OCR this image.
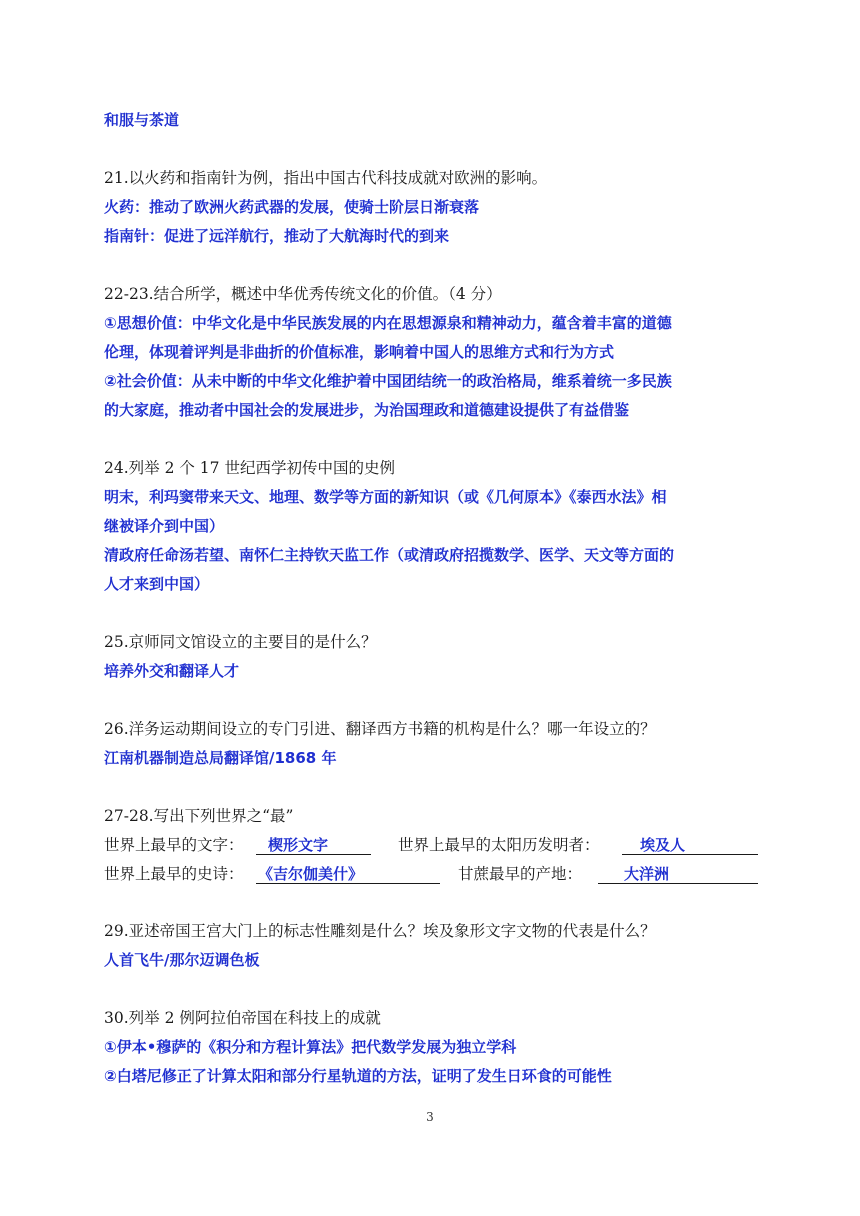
和服与茶道
21.以火药和指南针为例，指出中国古代科技成就对欧洲的影响。
火药：推动了欧洲火药武器的发展，使骑士阶层日渐衰落
指南针：促进了远洋航行，推动了大航海时代的到来
22-23.结合所学，概述中华优秀传统文化的价值。（4 分）
①思想价值：中华文化是中华民族发展的内在思想源泉和精神动力，蕴含着丰富的道德
伦理，体现着评判是非曲折的价值标准，影响着中国人的思维方式和行为方式
②社会价值：从未中断的中华文化维护着中国团结统一的政治格局，维系着统一多民族
的大家庭，推动者中国社会的发展进步，为治国理政和道德建设提供了有益借鉴
24.列举 2 个 17 世纪西学初传中国的史例
明末，利玛窦带来天文、地理、数学等方面的新知识（或《几何原本》《泰西水法》相
继被译介到中国）
清政府任命汤若望、南怀仁主持钦天监工作（或清政府招揽数学、医学、天文等方面的
人才来到中国）
25.京师同文馆设立的主要目的是什么？
培养外交和翻译人才
26.洋务运动期间设立的专门引进、翻译西方书籍的机构是什么？哪一年设立的？
江南机器制造总局翻译馆/1868 年
27-28.写出下列世界之“最”
世界上最早的文字： 楔形文字	世界上最早的太阳历发明者：	埃及人
世界上最早的史诗： 《吉尔伽美什》	甘蔗最早的产地：	大洋洲
29.亚述帝国王宫大门上的标志性雕刻是什么？埃及象形文字文物的代表是什么？
人首飞牛/那尔迈调色板
30.列举 2 例阿拉伯帝国在科技上的成就
①伊本•穆萨的《积分和方程计算法》把代数学发展为独立学科
②白塔尼修正了计算太阳和部分行星轨道的方法，证明了发生日环食的可能性
3
